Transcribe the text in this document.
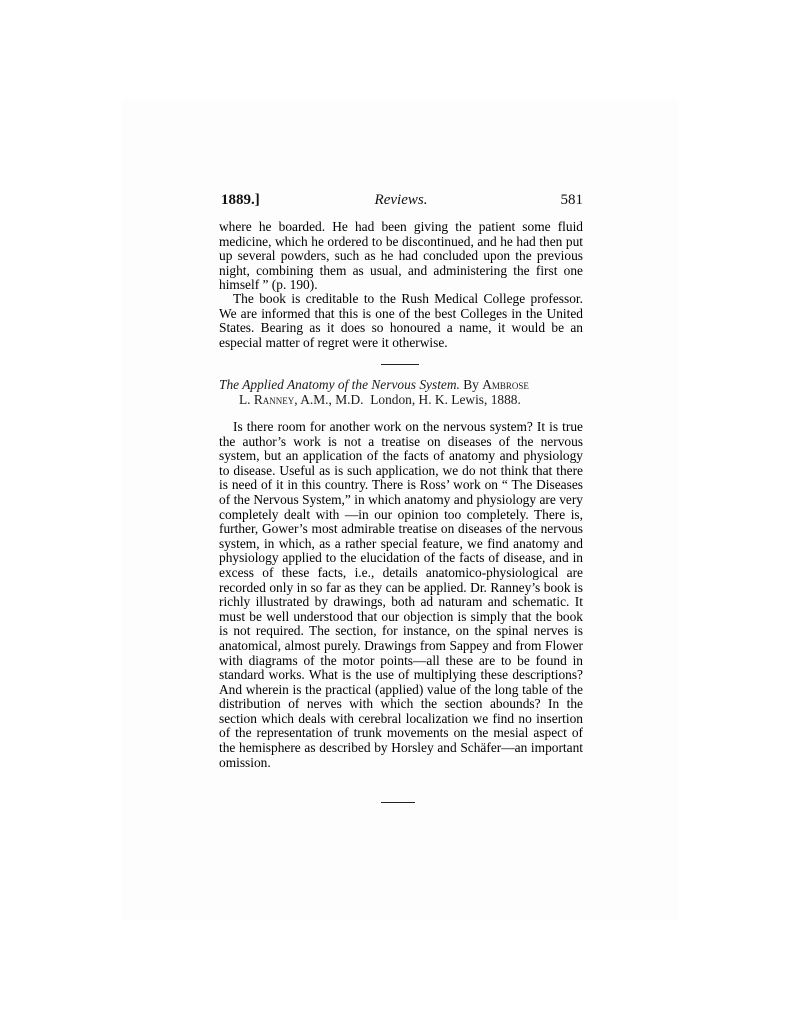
1889.]	Reviews.	581

where he boarded. He had been giving the patient some fluid medicine, which he ordered to be discontinued, and he had then put up several powders, such as he had concluded upon the previous night, combining them as usual, and administering the first one himself ” (p. 190).

The book is creditable to the Rush Medical College professor. We are informed that this is one of the best Colleges in the United States. Bearing as it does so honoured a name, it would be an especial matter of regret were it otherwise.

The Applied Anatomy of the Nervous System. By Ambrose
L. Ranney, A.M., M.D. London, H. K. Lewis, 1888.

Is there room for another work on the nervous system? It is true the author’s work is not a treatise on diseases of the nervous system, but an application of the facts of anatomy and physiology to disease. Useful as is such application, we do not think that there is need of it in this country. There is Ross’ work on “ The Diseases of the Nervous System,” in which anatomy and physiology are very completely dealt with —in our opinion too completely. There is, further, Gower’s most admirable treatise on diseases of the nervous system, in which, as a rather special feature, we find anatomy and physiology applied to the elucidation of the facts of disease, and in excess of these facts, i.e., details anatomico-physiological are recorded only in so far as they can be applied. Dr. Ranney’s book is richly illustrated by drawings, both ad naturam and schematic. It must be well understood that our objection is simply that the book is not required. The section, for instance, on the spinal nerves is anatomical, almost purely. Drawings from Sappey and from Flower with diagrams of the motor points—all these are to be found in standard works. What is the use of multiplying these descriptions? And wherein is the practical (applied) value of the long table of the distribution of nerves with which the section abounds? In the section which deals with cerebral localization we find no insertion of the representation of trunk movements on the mesial aspect of the hemisphere as described by Horsley and Schäfer—an important omission.
